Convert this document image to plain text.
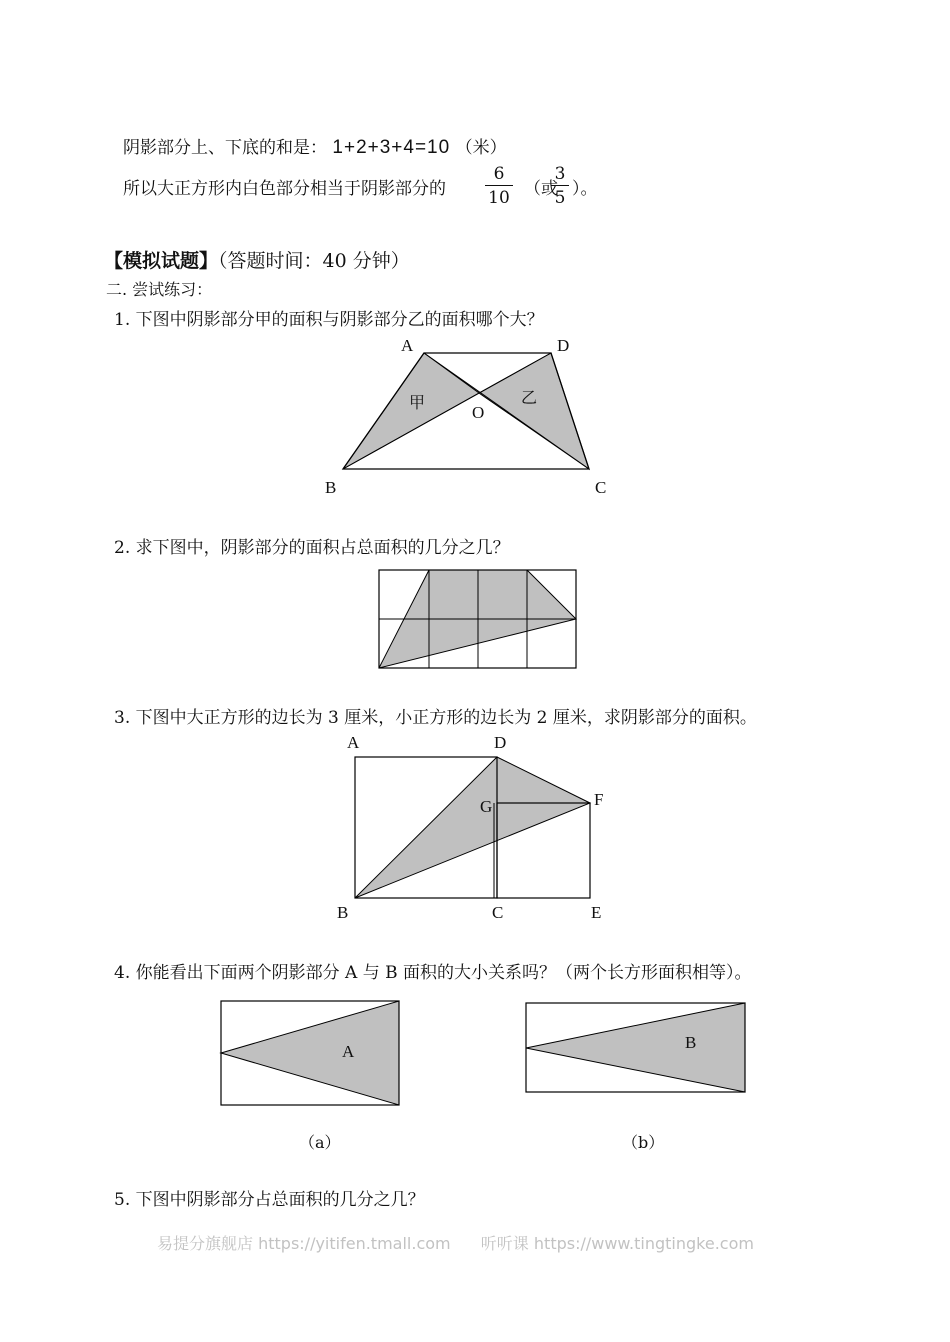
阴影部分上、下底的和是： 1+2+3+4=10 （米）
所以大正方形内白色部分相当于阴影部分的 $\frac{6}{10}$ （或
$\frac{3}{5}$ ）。
【模拟试题】（答题时间：40 分钟）
二. 尝试练习：
1. 下图中阴影部分甲的面积与阴影部分乙的面积哪个大？
2. 求下图中，阴影部分的面积占总面积的几分之几？
3. 下图中大正方形的边长为 3 厘米，小正方形的边长为 2 厘米，求阴影部分的面积。
4. 你能看出下面两个阴影部分 A 与 B 面积的大小关系吗？（两个长方形面积相等）。
5. 下图中阴影部分占总面积的几分之几？
A	D
B	C
O
甲	乙
A	D
G	F
B	C	E
A	B
（a）	（b）
易提分旗舰店 https://yitifen.tmall.com 听听课 https://www.tingtingke.com
